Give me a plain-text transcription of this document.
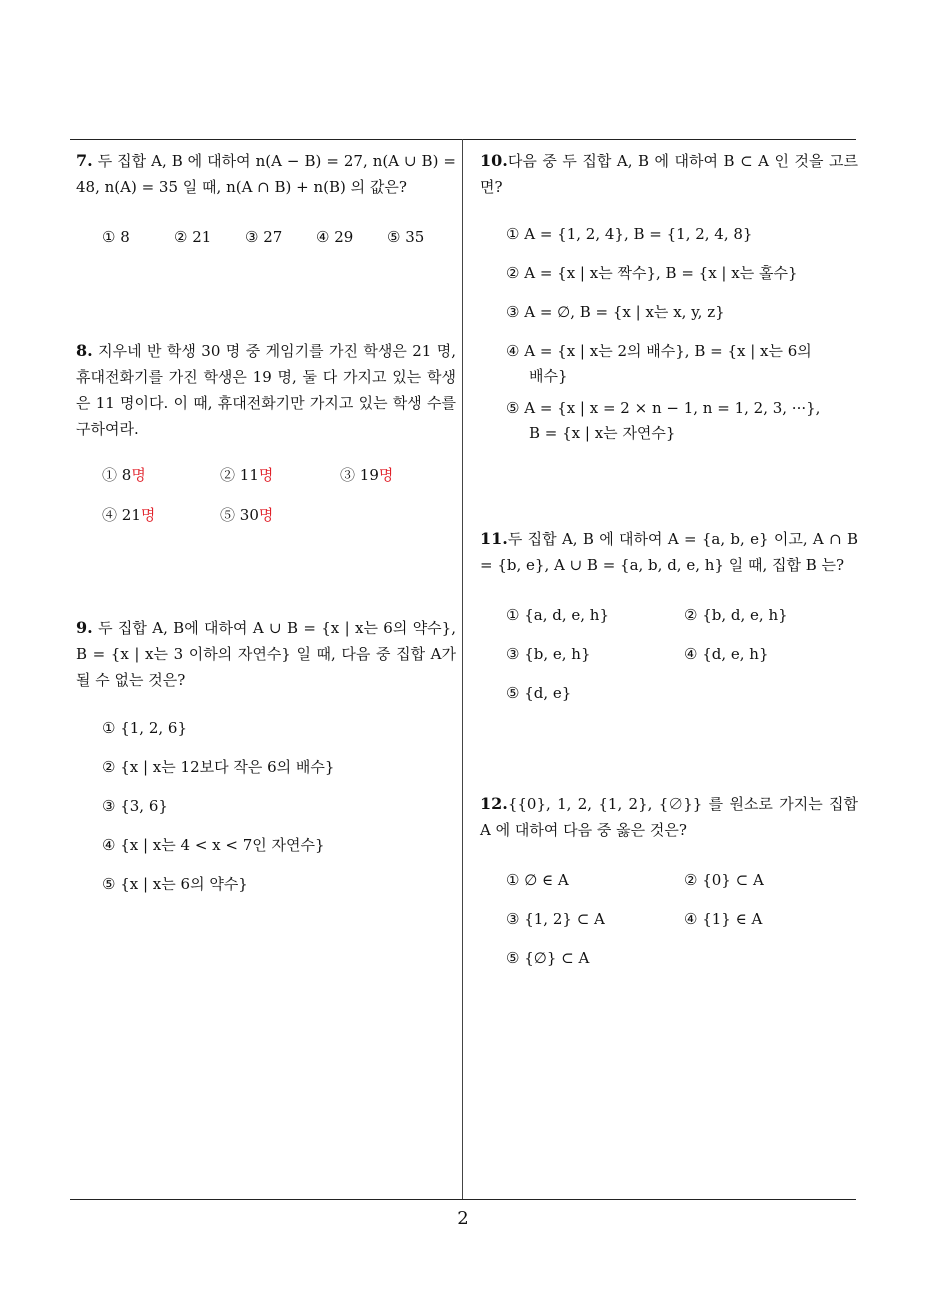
2
7. 두 집합 A, B 에 대하여 n(A − B) = 27, n(A ∪ B) = 48, n(A) = 35 일 때, n(A ∩ B) + n(B) 의 값은?
① 8	② 21 ③ 27 ④ 29 ⑤ 35
8. 지우네 반 학생 30 명 중 게임기를 가진 학생은 21 명, 휴대전화기를 가진 학생은 19 명, 둘 다 가지고 있는 학생은 11 명이다. 이 때, 휴대전화기만 가지고 있는 학생 수를 구하여라.
① 8명	② 11명	③ 19명
④ 21명	⑤ 30명
9. 두 집합 A, B에 대하여 A ∪ B = {x | x는 6의 약수}, B = {x | x는 3 이하의 자연수} 일 때, 다음 중 집합 A가 될 수 없는 것은?
① {1, 2, 6}
② {x | x는 12보다 작은 6의 배수}
③ {3, 6}
④ {x | x는 4 < x < 7인 자연수}
⑤ {x | x는 6의 약수}
10.다음 중 두 집합 A, B 에 대하여 B ⊂ A 인 것을 고르면?
① A = {1, 2, 4}, B = {1, 2, 4, 8}
② A = {x | x는 짝수}, B = {x | x는 홀수}
③ A = ∅, B = {x | x는 x, y, z}
④ A = {x | x는 2의 배수}, B = {x | x는 6의
배수}
⑤ A = {x | x = 2 × n − 1, n = 1, 2, 3, ···},
B = {x | x는 자연수}
11.두 집합 A, B 에 대하여 A = {a, b, e} 이고, A ∩ B = {b, e}, A ∪ B = {a, b, d, e, h} 일 때, 집합 B 는?
① {a, d, e, h}	② {b, d, e, h}
③ {b, e, h}	④ {d, e, h}
⑤ {d, e}
12.{{0}, 1, 2, {1, 2}, {∅}} 를 원소로 가지는 집합 A 에 대하여 다음 중 옳은 것은?
① ∅ ∈ A	② {0} ⊂ A
③ {1, 2} ⊂ A	④ {1} ∈ A
⑤ {∅} ⊂ A
